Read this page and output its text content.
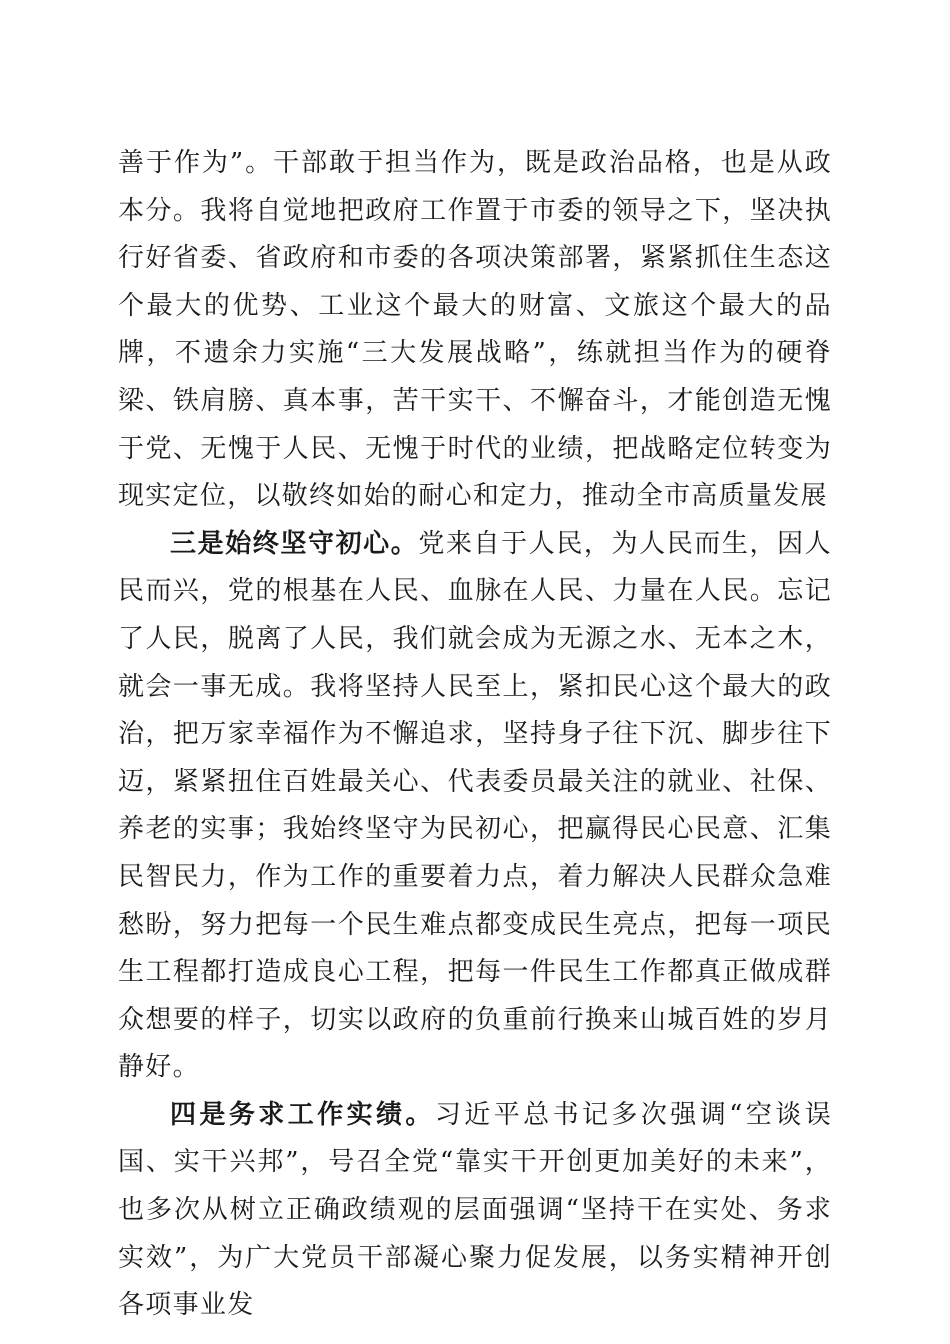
善于作为”。干部敢于担当作为，既是政治品格，也是从政本分。我将自觉地把政府工作置于市委的领导之下，坚决执行好省委、省政府和市委的各项决策部署，紧紧抓住生态这个最大的优势、工业这个最大的财富、文旅这个最大的品牌，不遗余力实施“三大发展战略”，练就担当作为的硬脊梁、铁肩膀、真本事，苦干实干、不懈奋斗，才能创造无愧于党、无愧于人民、无愧于时代的业绩，把战略定位转变为现实定位，以敬终如始的耐心和定力，推动全市高质量发展

三是始终坚守初心。党来自于人民，为人民而生，因人民而兴，党的根基在人民、血脉在人民、力量在人民。忘记了人民，脱离了人民，我们就会成为无源之水、无本之木，就会一事无成。我将坚持人民至上，紧扣民心这个最大的政治，把万家幸福作为不懈追求，坚持身子往下沉、脚步往下迈，紧紧扭住百姓最关心、代表委员最关注的就业、社保、养老的实事；我始终坚守为民初心，把赢得民心民意、汇集民智民力，作为工作的重要着力点，着力解决人民群众急难愁盼，努力把每一个民生难点都变成民生亮点，把每一项民生工程都打造成良心工程，把每一件民生工作都真正做成群众想要的样子，切实以政府的负重前行换来山城百姓的岁月静好。

四是务求工作实绩。习近平总书记多次强调“空谈误国、实干兴邦”，号召全党“靠实干开创更加美好的未来”，也多次从树立正确政绩观的层面强调“坚持干在实处、务求实效”，为广大党员干部凝心聚力促发展，以务实精神开创各项事业发
